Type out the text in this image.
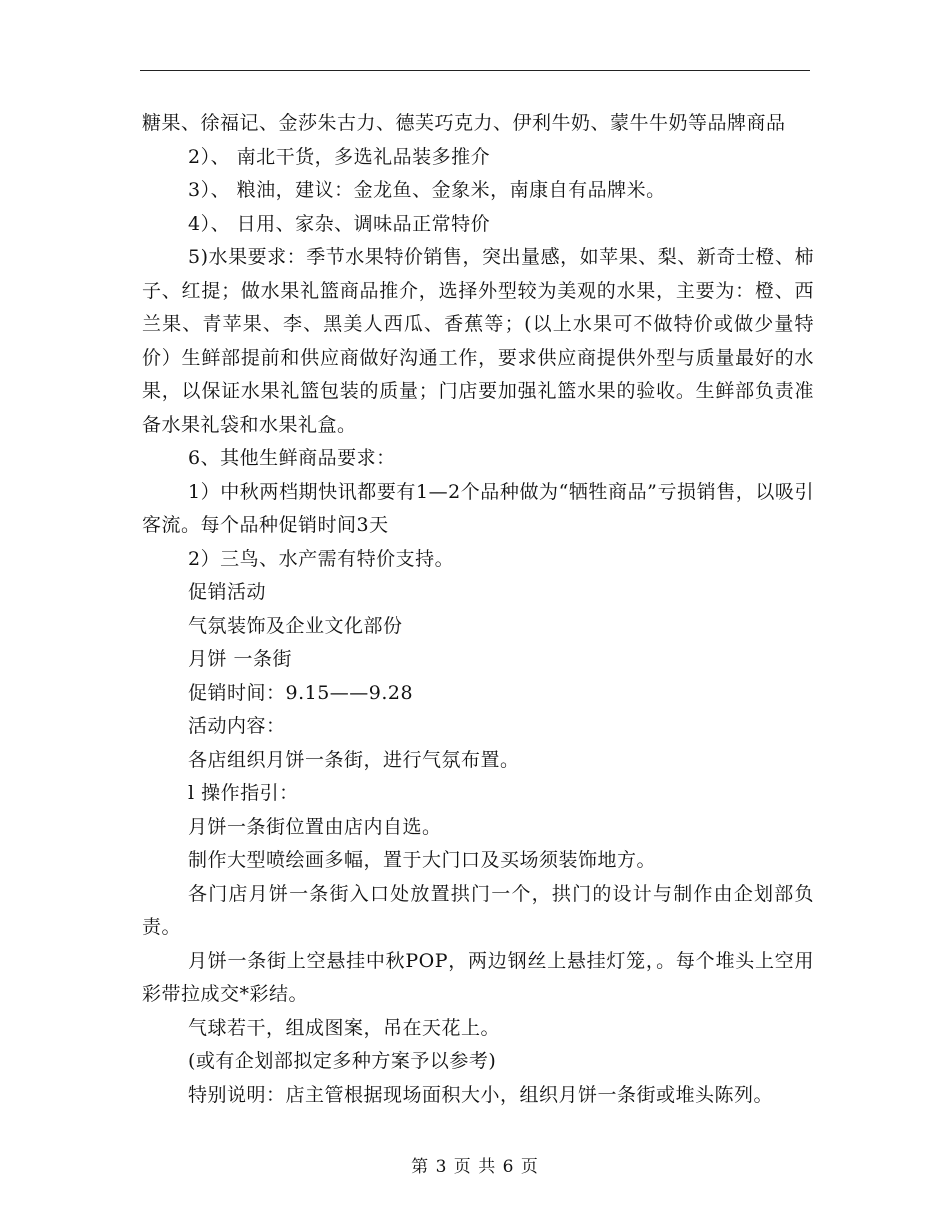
糖果、徐福记、金莎朱古力、德芙巧克力、伊利牛奶、蒙牛牛奶等品牌商品

2）、 南北干货，多选礼品装多推介

3）、 粮油，建议：金龙鱼、金象米，南康自有品牌米。

4）、 日用、家杂、调味品正常特价

5)水果要求：季节水果特价销售，突出量感，如苹果、梨、新奇士橙、柿子、红提；做水果礼篮商品推介，选择外型较为美观的水果，主要为：橙、西兰果、青苹果、李、黑美人西瓜、香蕉等；(以上水果可不做特价或做少量特价）生鲜部提前和供应商做好沟通工作，要求供应商提供外型与质量最好的水果，以保证水果礼篮包装的质量；门店要加强礼篮水果的验收。生鲜部负责准备水果礼袋和水果礼盒。

6、其他生鲜商品要求：

1）中秋两档期快讯都要有1—2个品种做为“牺牲商品”亏损销售，以吸引客流。每个品种促销时间3天

2）三鸟、水产需有特价支持。

促销活动

气氛装饰及企业文化部份

月饼 一条街

促销时间：9.15——9.28

活动内容：

各店组织月饼一条街，进行气氛布置。

l 操作指引：

月饼一条街位置由店内自选。

制作大型喷绘画多幅，置于大门口及买场须装饰地方。

各门店月饼一条街入口处放置拱门一个，拱门的设计与制作由企划部负责。

月饼一条街上空悬挂中秋POP，两边钢丝上悬挂灯笼，。每个堆头上空用彩带拉成交*彩结。

气球若干，组成图案，吊在天花上。

(或有企划部拟定多种方案予以参考)

特别说明：店主管根据现场面积大小，组织月饼一条街或堆头陈列。

第 3 页 共 6 页
